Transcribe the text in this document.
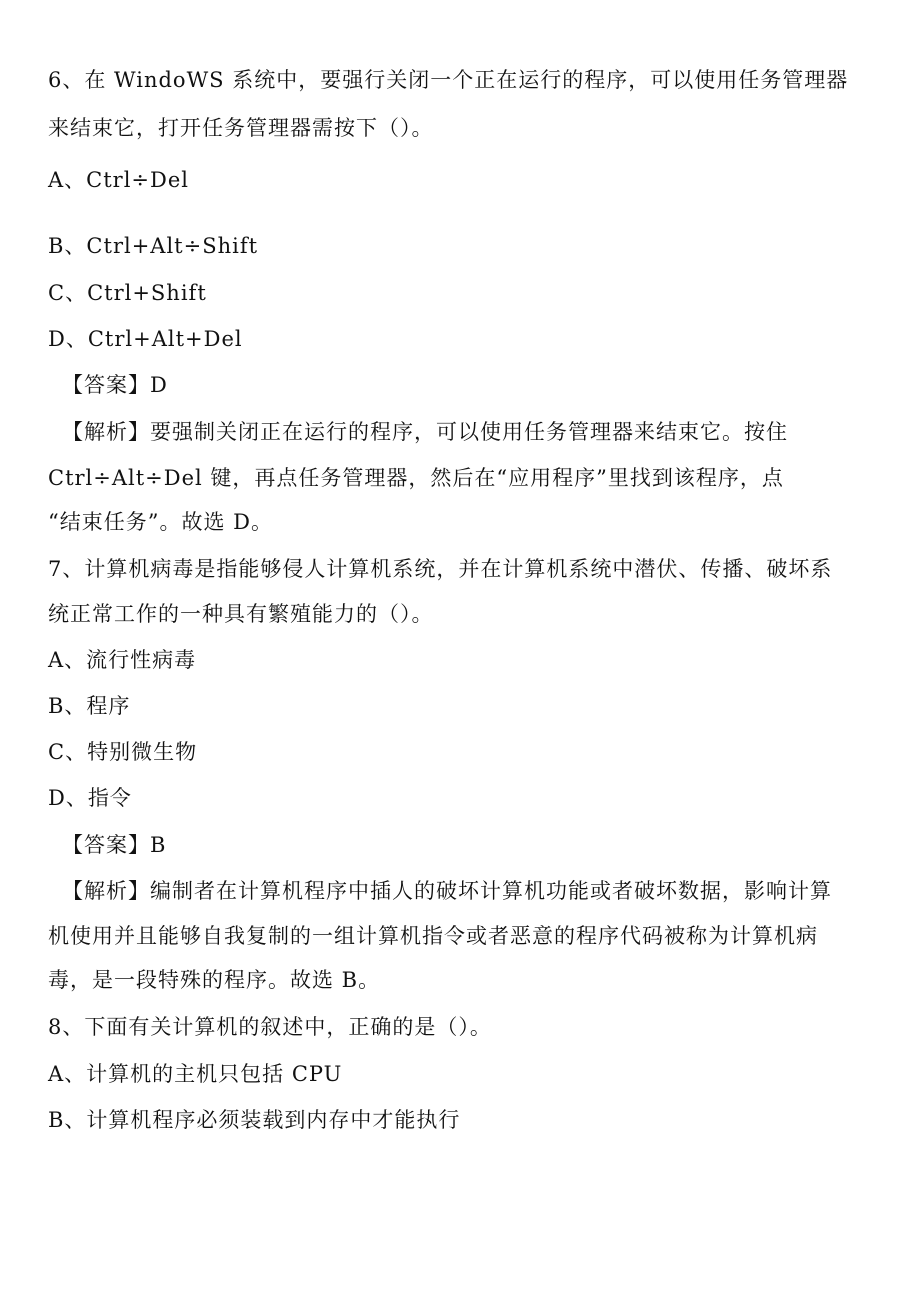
6、在 WindoWS 系统中，要强行关闭一个正在运行的程序，可以使用任务管理器
来结束它，打开任务管理器需按下（）。
A、Ctrl÷Del
B、Ctrl+Alt÷Shift
C、Ctrl+Shift
D、Ctrl+Alt+Del
【答案】D
【解析】要强制关闭正在运行的程序，可以使用任务管理器来结束它。按住
Ctrl÷Alt÷Del 键，再点任务管理器，然后在“应用程序”里找到该程序，点
“结束任务”。故选 D。
7、计算机病毒是指能够侵人计算机系统，并在计算机系统中潜伏、传播、破坏系
统正常工作的一种具有繁殖能力的（）。
A、流行性病毒
B、程序
C、特别微生物
D、指令
【答案】B
【解析】编制者在计算机程序中插人的破坏计算机功能或者破坏数据，影响计算
机使用并且能够自我复制的一组计算机指令或者恶意的程序代码被称为计算机病
毒，是一段特殊的程序。故选 B。
8、下面有关计算机的叙述中，正确的是（）。
A、计算机的主机只包括 CPU
B、计算机程序必须装载到内存中才能执行
